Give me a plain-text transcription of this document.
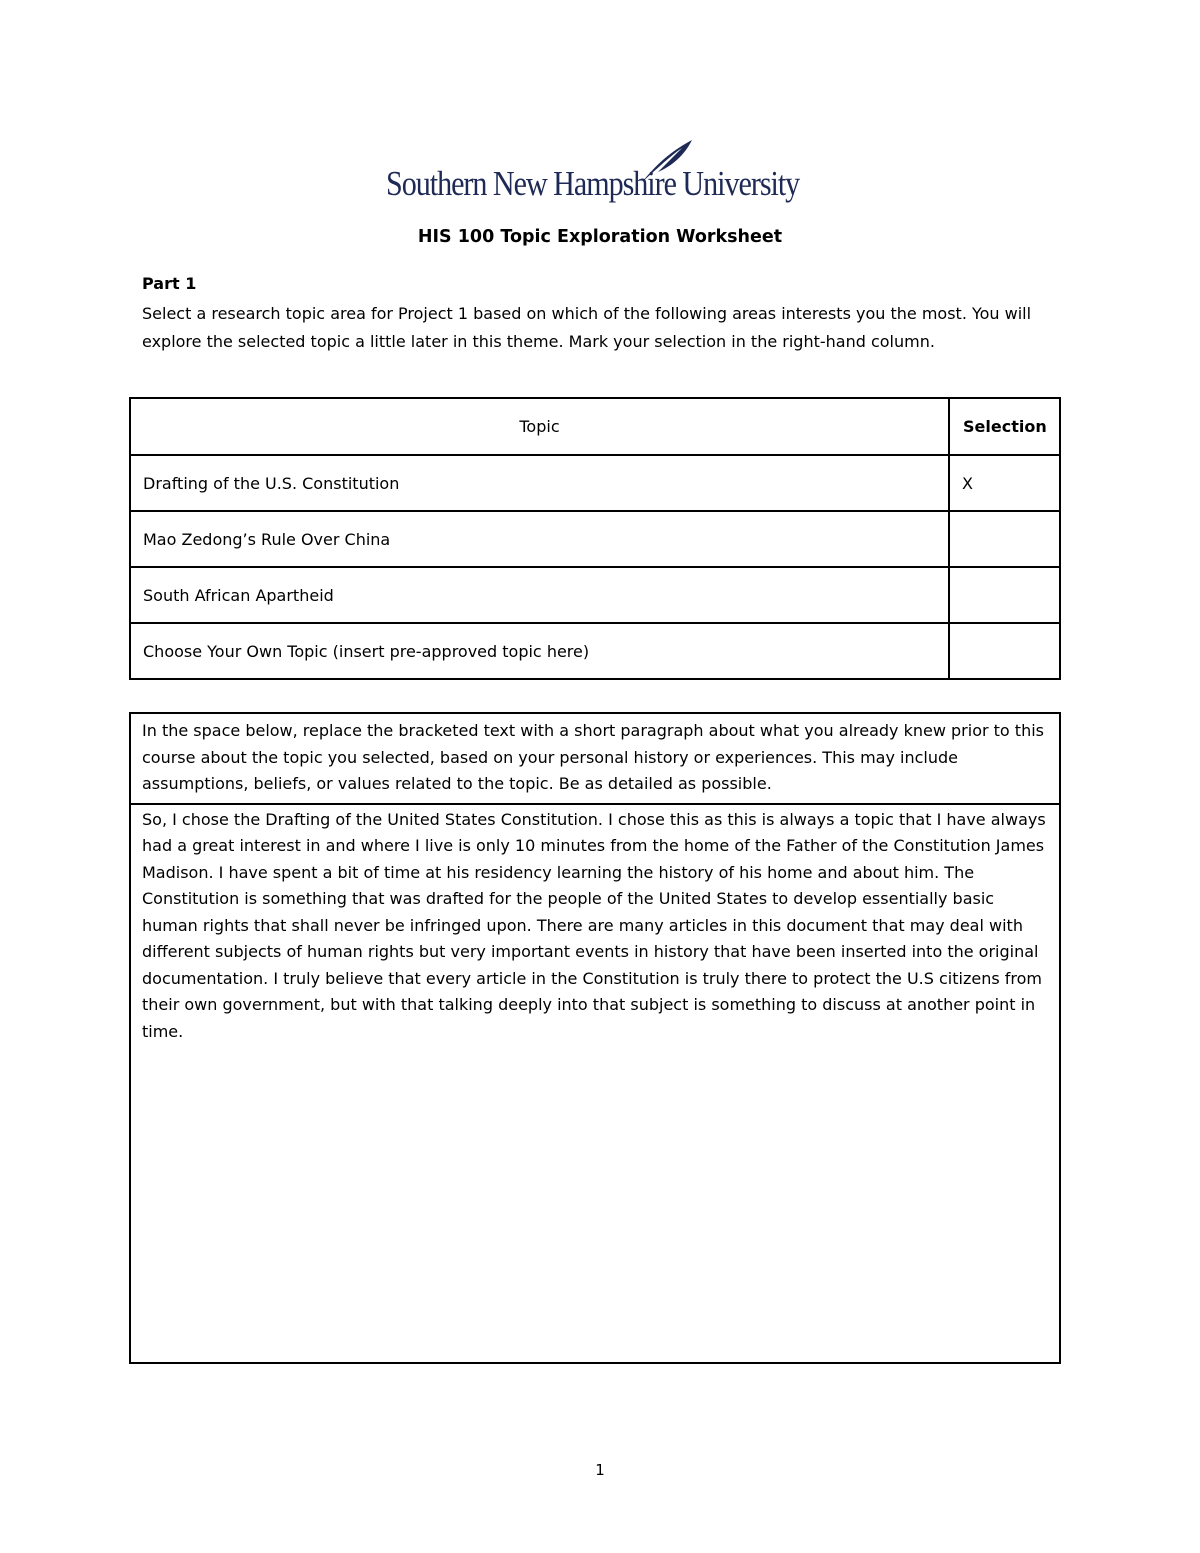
Southern New Hampshire University
HIS 100 Topic Exploration Worksheet
Part 1

Select a research topic area for Project 1 based on which of the following areas interests you the most. You will explore the selected topic a little later in this theme. Mark your selection in the right-hand column.

Topic	Selection
Drafting of the U.S. Constitution	X
Mao Zedong’s Rule Over China	
South African Apartheid	
Choose Your Own Topic (insert pre-approved topic here)	
In the space below, replace the bracketed text with a short paragraph about what you already knew prior to this course about the topic you selected, based on your personal history or experiences. This may include assumptions, beliefs, or values related to the topic. Be as detailed as possible.
So, I chose the Drafting of the United States Constitution. I chose this as this is always a topic that I have always had a great interest in and where I live is only 10 minutes from the home of the Father of the Constitution James Madison. I have spent a bit of time at his residency learning the history of his home and about him. The Constitution is something that was drafted for the people of the United States to develop essentially basic human rights that shall never be infringed upon. There are many articles in this document that may deal with different subjects of human rights but very important events in history that have been inserted into the original documentation. I truly believe that every article in the Constitution is truly there to protect the U.S citizens from their own government, but with that talking deeply into that subject is something to discuss at another point in time.
1
